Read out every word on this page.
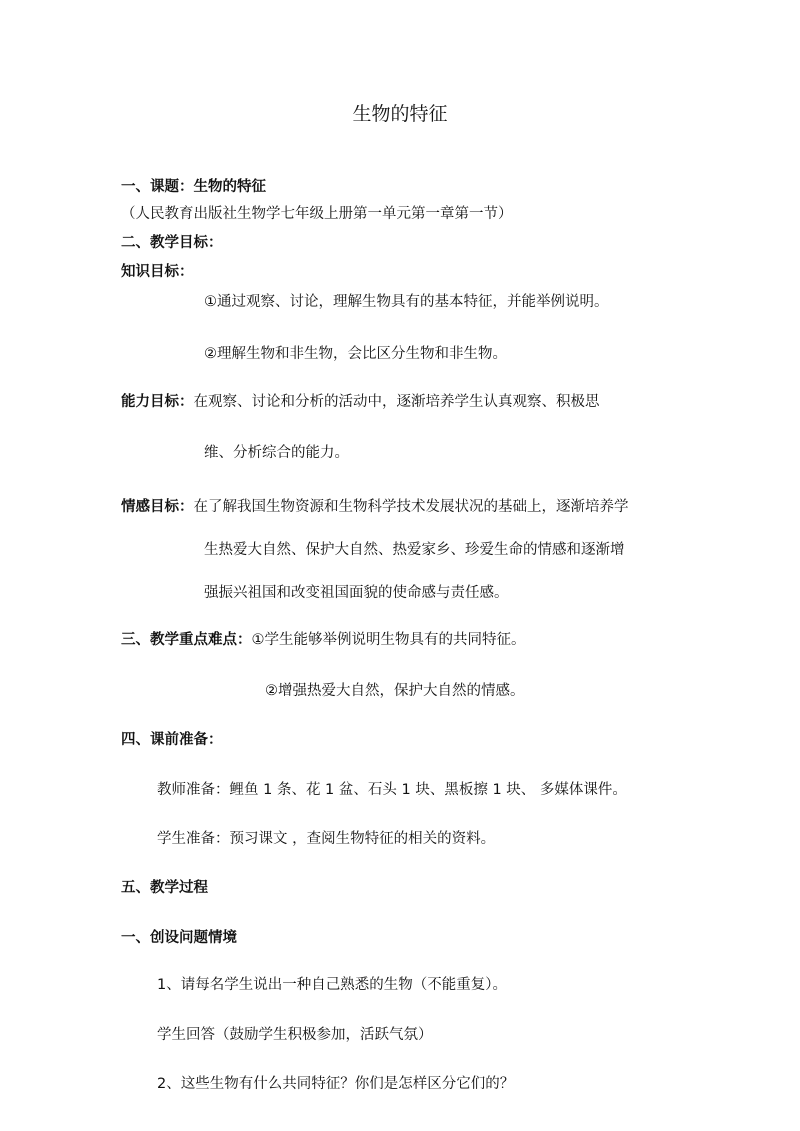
生物的特征
一、课题：生物的特征
（人民教育出版社生物学七年级上册第一单元第一章第一节）
二、教学目标：
知识目标：
①通过观察、讨论，理解生物具有的基本特征，并能举例说明。
②理解生物和非生物，会比区分生物和非生物。
能力目标：在观察、讨论和分析的活动中，逐渐培养学生认真观察、积极思
维、分析综合的能力。
情感目标：在了解我国生物资源和生物科学技术发展状况的基础上，逐渐培养学
生热爱大自然、保护大自然、热爱家乡、珍爱生命的情感和逐渐增
强振兴祖国和改变祖国面貌的使命感与责任感。
三、教学重点难点：①学生能够举例说明生物具有的共同特征。
②增强热爱大自然，保护大自然的情感。
四、课前准备：
教师准备：鲤鱼 1 条、花 1 盆、石头 1 块、黑板擦 1 块、 多媒体课件。
学生准备：预习课文 ，查阅生物特征的相关的资料。
五、教学过程
一、创设问题情境
1、请每名学生说出一种自己熟悉的生物（不能重复）。
学生回答（鼓励学生积极参加，活跃气氛）
2、这些生物有什么共同特征？你们是怎样区分它们的？
